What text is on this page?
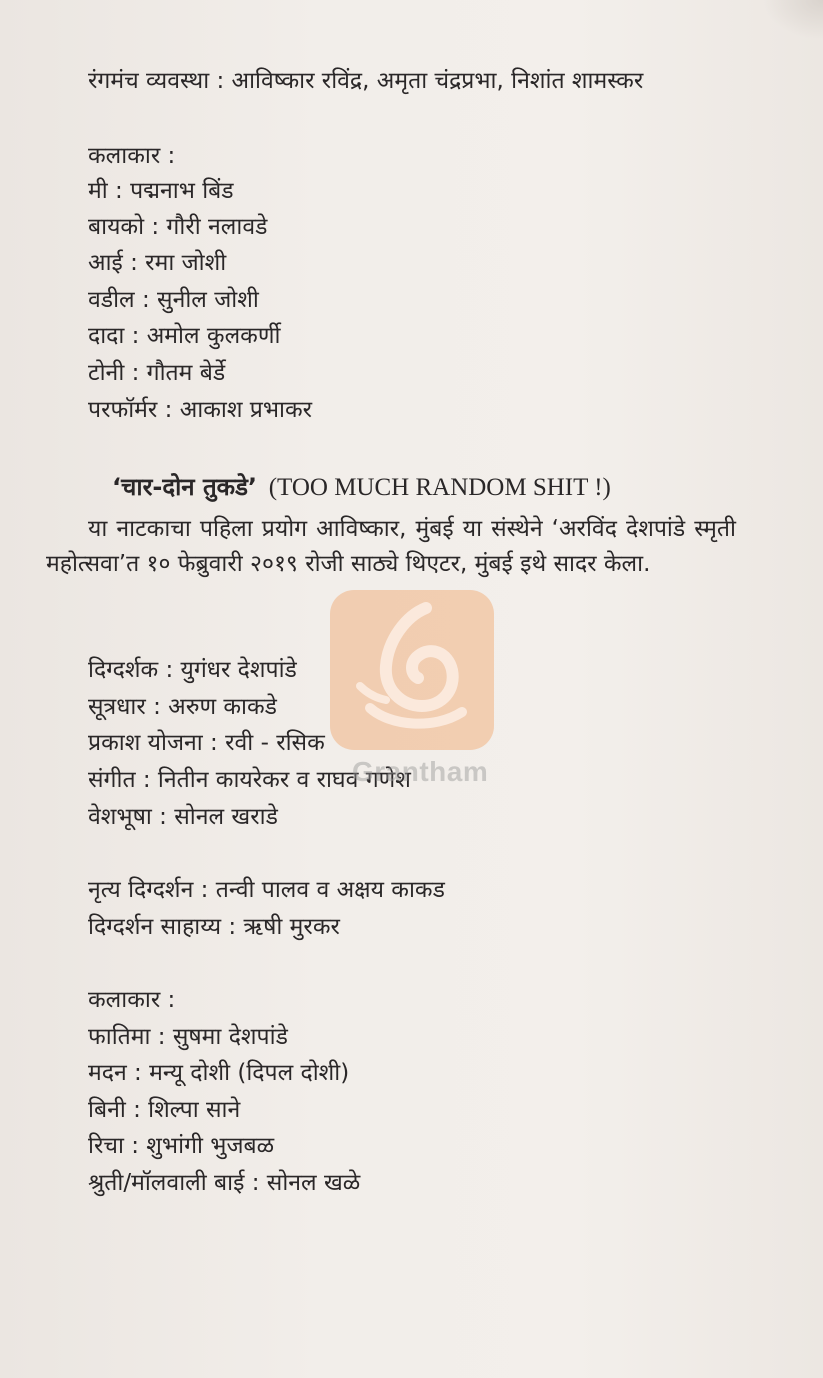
रंगमंच व्यवस्था : आविष्कार रविंद्र, अमृता चंद्रप्रभा, निशांत शामस्कर
कलाकार :
मी : पद्मनाभ बिंड
बायको : गौरी नलावडे
आई : रमा जोशी
वडील : सुनील जोशी
दादा : अमोल कुलकर्णी
टोनी : गौतम बेर्डे
परफॉर्मर : आकाश प्रभाकर
‘चार-दोन तुकडे’ (TOO MUCH RANDOM SHIT !)
या नाटकाचा पहिला प्रयोग आविष्कार, मुंबई या संस्थेने ‘अरविंद देशपांडे स्मृती महोत्सवा’त १० फेब्रुवारी २०१९ रोजी साठ्ये थिएटर, मुंबई इथे सादर केला.
दिग्दर्शक : युगंधर देशपांडे
सूत्रधार : अरुण काकडे
प्रकाश योजना : रवी - रसिक
संगीत : नितीन कायरेकर व राघव गणेश
वेशभूषा : सोनल खराडे
नृत्य दिग्दर्शन : तन्वी पालव व अक्षय काकड
दिग्दर्शन साहाय्य : ऋषी मुरकर
कलाकार :
फातिमा : सुषमा देशपांडे
मदन : मन्यू दोशी (दिपल दोशी)
बिनी : शिल्पा साने
रिचा : शुभांगी भुजबळ
श्रुती/मॉलवाली बाई : सोनल खळे
Grantham
